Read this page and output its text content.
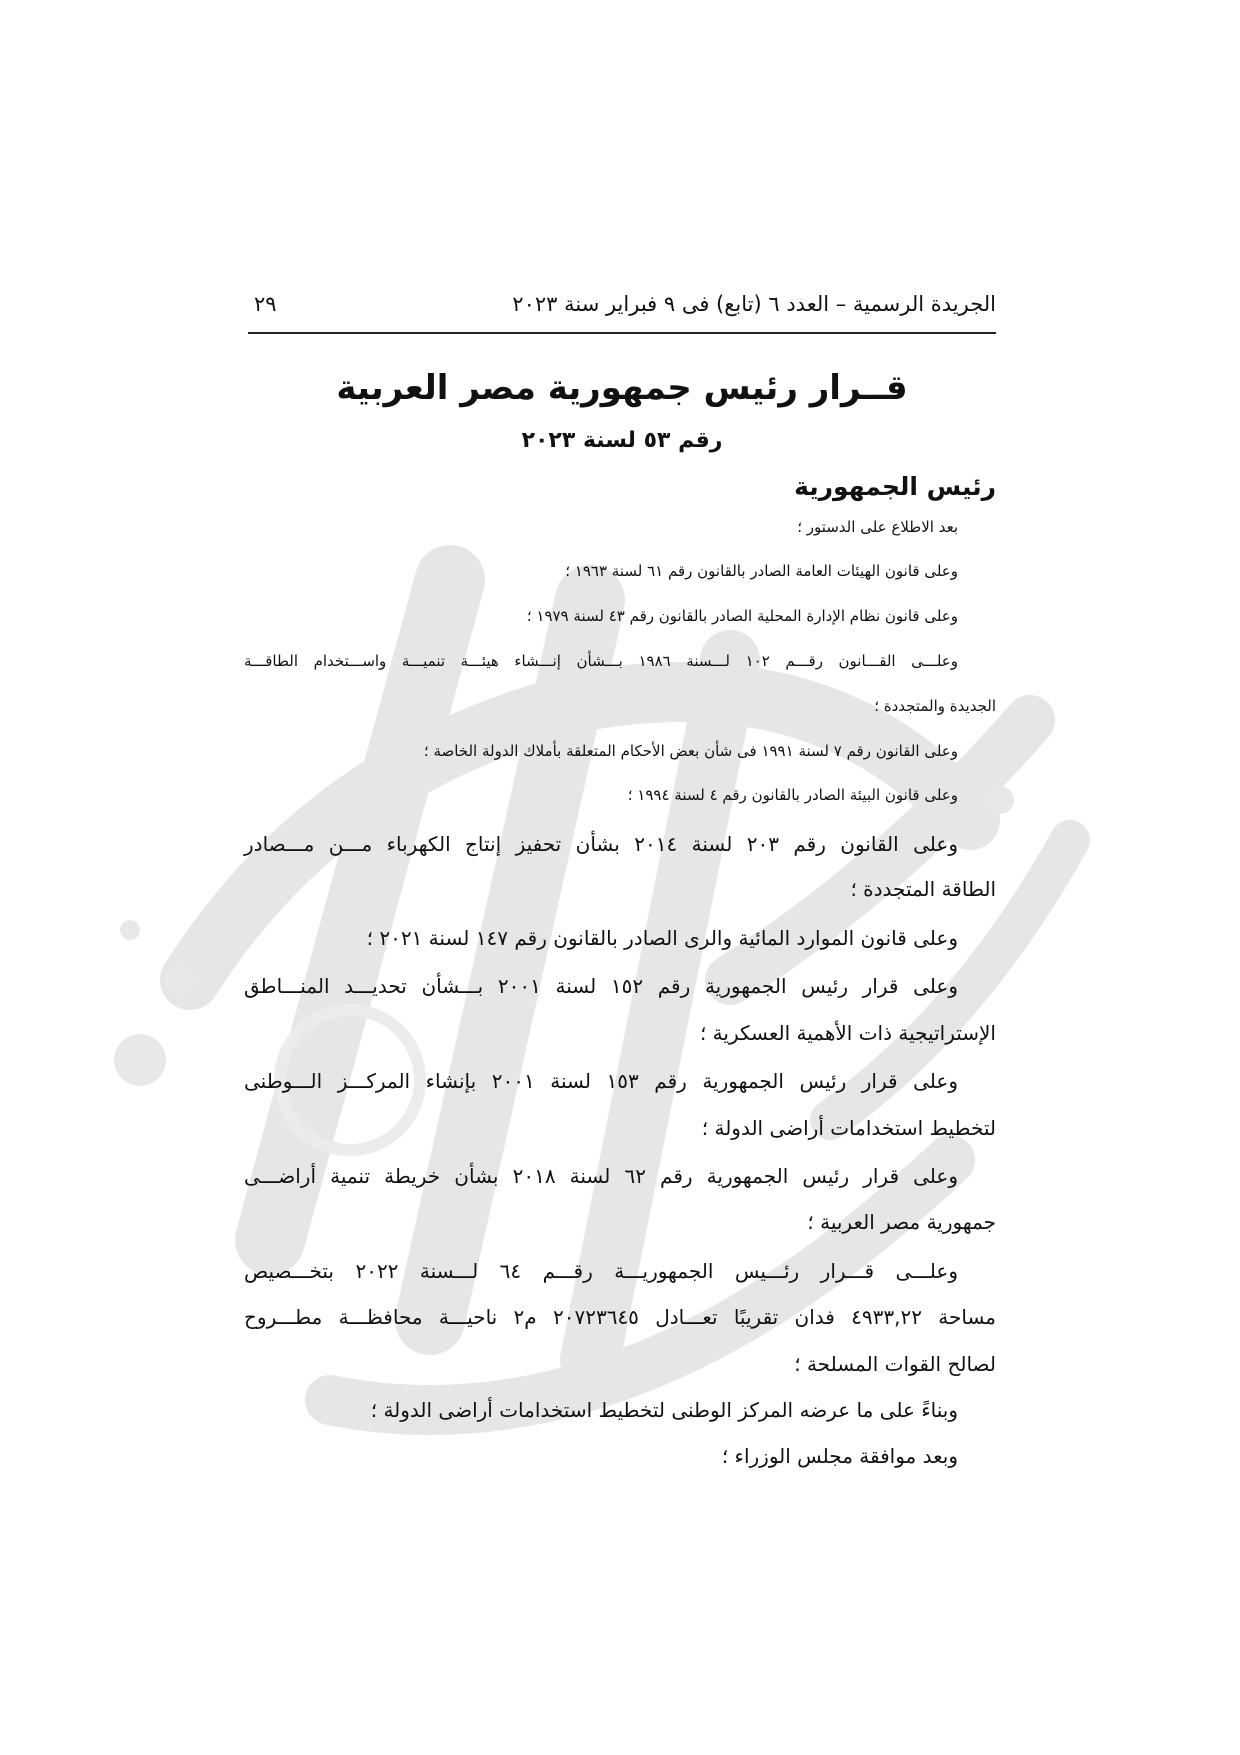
الجريدة الرسمية – العدد ٦ (تابع) فى ٩ فبراير سنة ٢٠٢٣
٢٩
قــرار رئيس جمهورية مصر العربية
رقم ٥٣ لسنة ٢٠٢٣
رئيس الجمهورية
بعد الاطلاع على الدستور ؛
وعلى قانون الهيئات العامة الصادر بالقانون رقم ٦١ لسنة ١٩٦٣ ؛
وعلى قانون نظام الإدارة المحلية الصادر بالقانون رقم ٤٣ لسنة ١٩٧٩ ؛
وعلـــى القـــانون رقـــم ١٠٢ لـــسنة ١٩٨٦ بـــشأن إنـــشاء هيئـــة تنميـــة واســـتخدام الطاقـــة
الجديدة والمتجددة ؛
وعلى القانون رقم ٧ لسنة ١٩٩١ فى شأن بعض الأحكام المتعلقة بأملاك الدولة الخاصة ؛
وعلى قانون البيئة الصادر بالقانون رقم ٤ لسنة ١٩٩٤ ؛
وعلى القانون رقم ٢٠٣ لسنة ٢٠١٤ بشأن تحفيز إنتاج الكهرباء مـــن مـــصادر
الطاقة المتجددة ؛
وعلى قانون الموارد المائية والرى الصادر بالقانون رقم ١٤٧ لسنة ٢٠٢١ ؛
وعلى قرار رئيس الجمهورية رقم ١٥٢ لسنة ٢٠٠١ بـــشأن تحديـــد المنـــاطق
الإستراتيجية ذات الأهمية العسكرية ؛
وعلى قرار رئيس الجمهورية رقم ١٥٣ لسنة ٢٠٠١ بإنشاء المركـــز الـــوطنى
لتخطيط استخدامات أراضى الدولة ؛
وعلى قرار رئيس الجمهورية رقم ٦٢ لسنة ٢٠١٨ بشأن خريطة تنمية أراضـــى
جمهورية مصر العربية ؛
وعلـــى قـــرار رئـــيس الجمهوريـــة رقـــم ٦٤ لـــسنة ٢٠٢٢ بتخـــصيص
مساحة ٤٩٣٣,٢٢ فدان تقريبًا تعـــادل ٢٠٧٢٣٦٤٥ م٢ ناحيـــة محافظـــة مطـــروح
لصالح القوات المسلحة ؛
وبناءً على ما عرضه المركز الوطنى لتخطيط استخدامات أراضى الدولة ؛
وبعد موافقة مجلس الوزراء ؛
